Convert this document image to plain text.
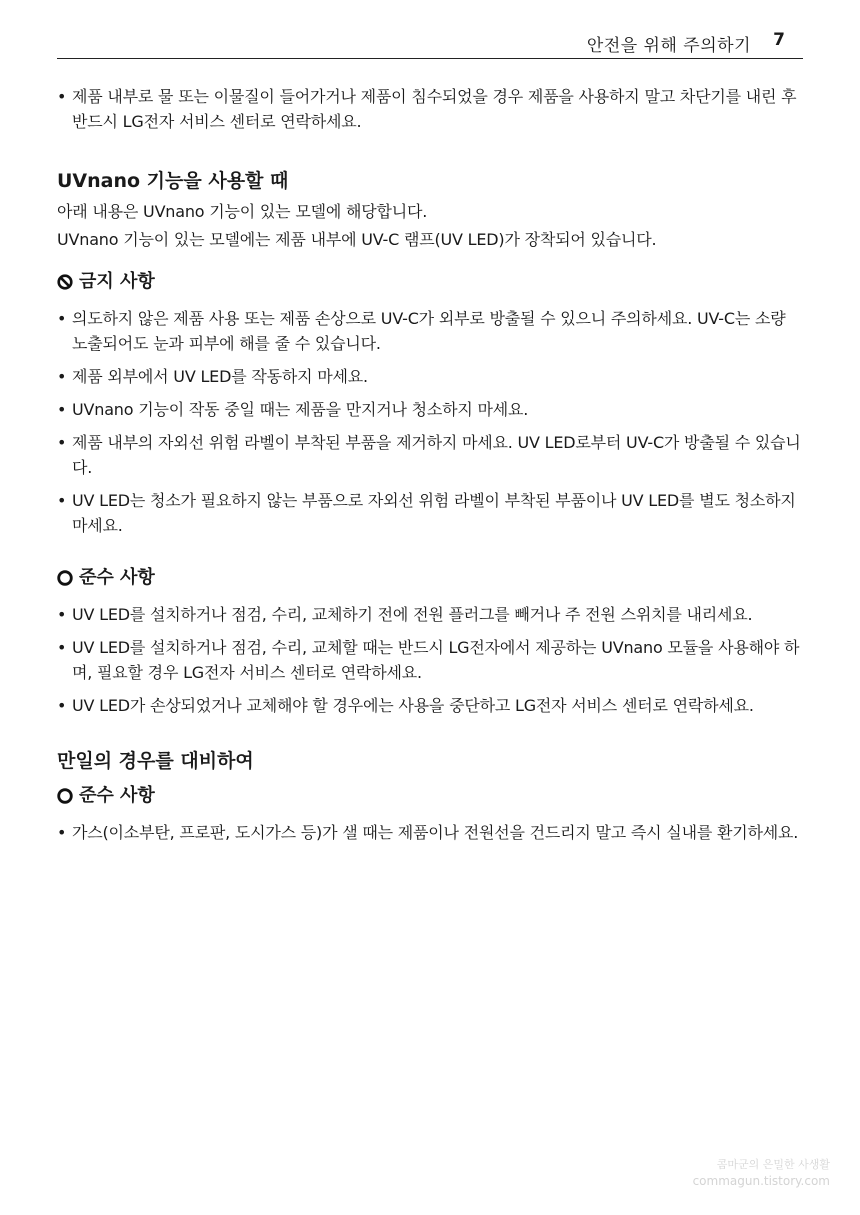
안전을 위해 주의하기 7
• 제품 내부로 물 또는 이물질이 들어가거나 제품이 침수되었을 경우 제품을 사용하지 말고 차단기를 내린 후 반드시 LG전자 서비스 센터로 연락하세요.
UVnano 기능을 사용할 때
아래 내용은 UVnano 기능이 있는 모델에 해당합니다.
UVnano 기능이 있는 모델에는 제품 내부에 UV-C 램프(UV LED)가 장착되어 있습니다.
금지 사항
• 의도하지 않은 제품 사용 또는 제품 손상으로 UV-C가 외부로 방출될 수 있으니 주의하세요. UV-C는 소량 노출되어도 눈과 피부에 해를 줄 수 있습니다.
• 제품 외부에서 UV LED를 작동하지 마세요.
• UVnano 기능이 작동 중일 때는 제품을 만지거나 청소하지 마세요.
• 제품 내부의 자외선 위험 라벨이 부착된 부품을 제거하지 마세요. UV LED로부터 UV-C가 방출될 수 있습니다.
• UV LED는 청소가 필요하지 않는 부품으로 자외선 위험 라벨이 부착된 부품이나 UV LED를 별도 청소하지 마세요.
준수 사항
• UV LED를 설치하거나 점검, 수리, 교체하기 전에 전원 플러그를 빼거나 주 전원 스위치를 내리세요.
• UV LED를 설치하거나 점검, 수리, 교체할 때는 반드시 LG전자에서 제공하는 UVnano 모듈을 사용해야 하며, 필요할 경우 LG전자 서비스 센터로 연락하세요.
• UV LED가 손상되었거나 교체해야 할 경우에는 사용을 중단하고 LG전자 서비스 센터로 연락하세요.
만일의 경우를 대비하여
준수 사항
• 가스(이소부탄, 프로판, 도시가스 등)가 샐 때는 제품이나 전원선을 건드리지 말고 즉시 실내를 환기하세요.
콤마군의 은밀한 사생활
commagun.tistory.com
